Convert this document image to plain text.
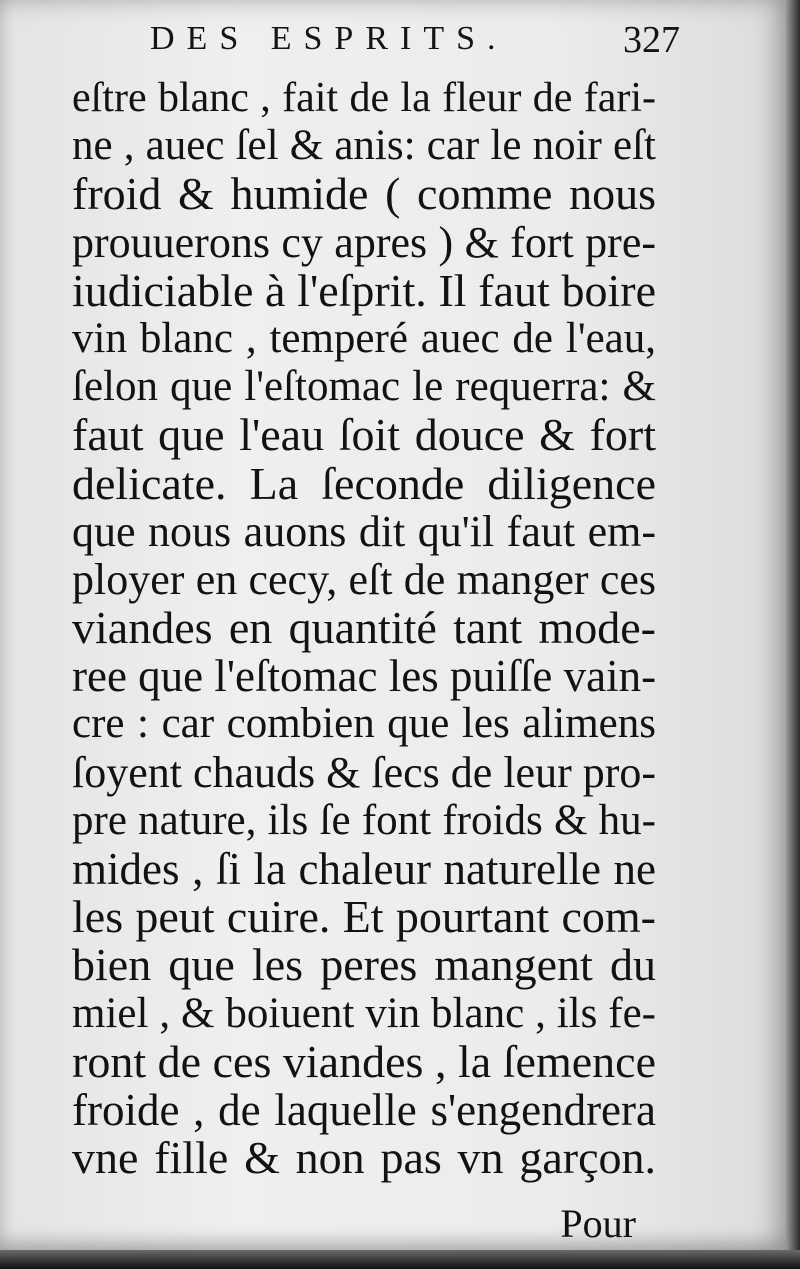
DES ESPRITS.	327
eſtre blanc , fait de la fleur de fari-
ne , auec ſel & anis: car le noir eſt
froid & humide ( comme nous
prouuerons cy apres ) & fort pre-
iudiciable à l'eſprit. Il faut boire
vin blanc , temperé auec de l'eau,
ſelon que l'eſtomac le requerra: &
faut que l'eau ſoit douce & fort
delicate. La ſeconde diligence
que nous auons dit qu'il faut em-
ployer en cecy, eſt de manger ces
viandes en quantité tant mode-
ree que l'eſtomac les puiſſe vain-
cre : car combien que les alimens
ſoyent chauds & ſecs de leur pro-
pre nature, ils ſe font froids & hu-
mides , ſi la chaleur naturelle ne
les peut cuire. Et pourtant com-
bien que les peres mangent du
miel , & boiuent vin blanc , ils fe-
ront de ces viandes , la ſemence
froide , de laquelle s'engendrera
vne fille & non pas vn garçon.
Pour
